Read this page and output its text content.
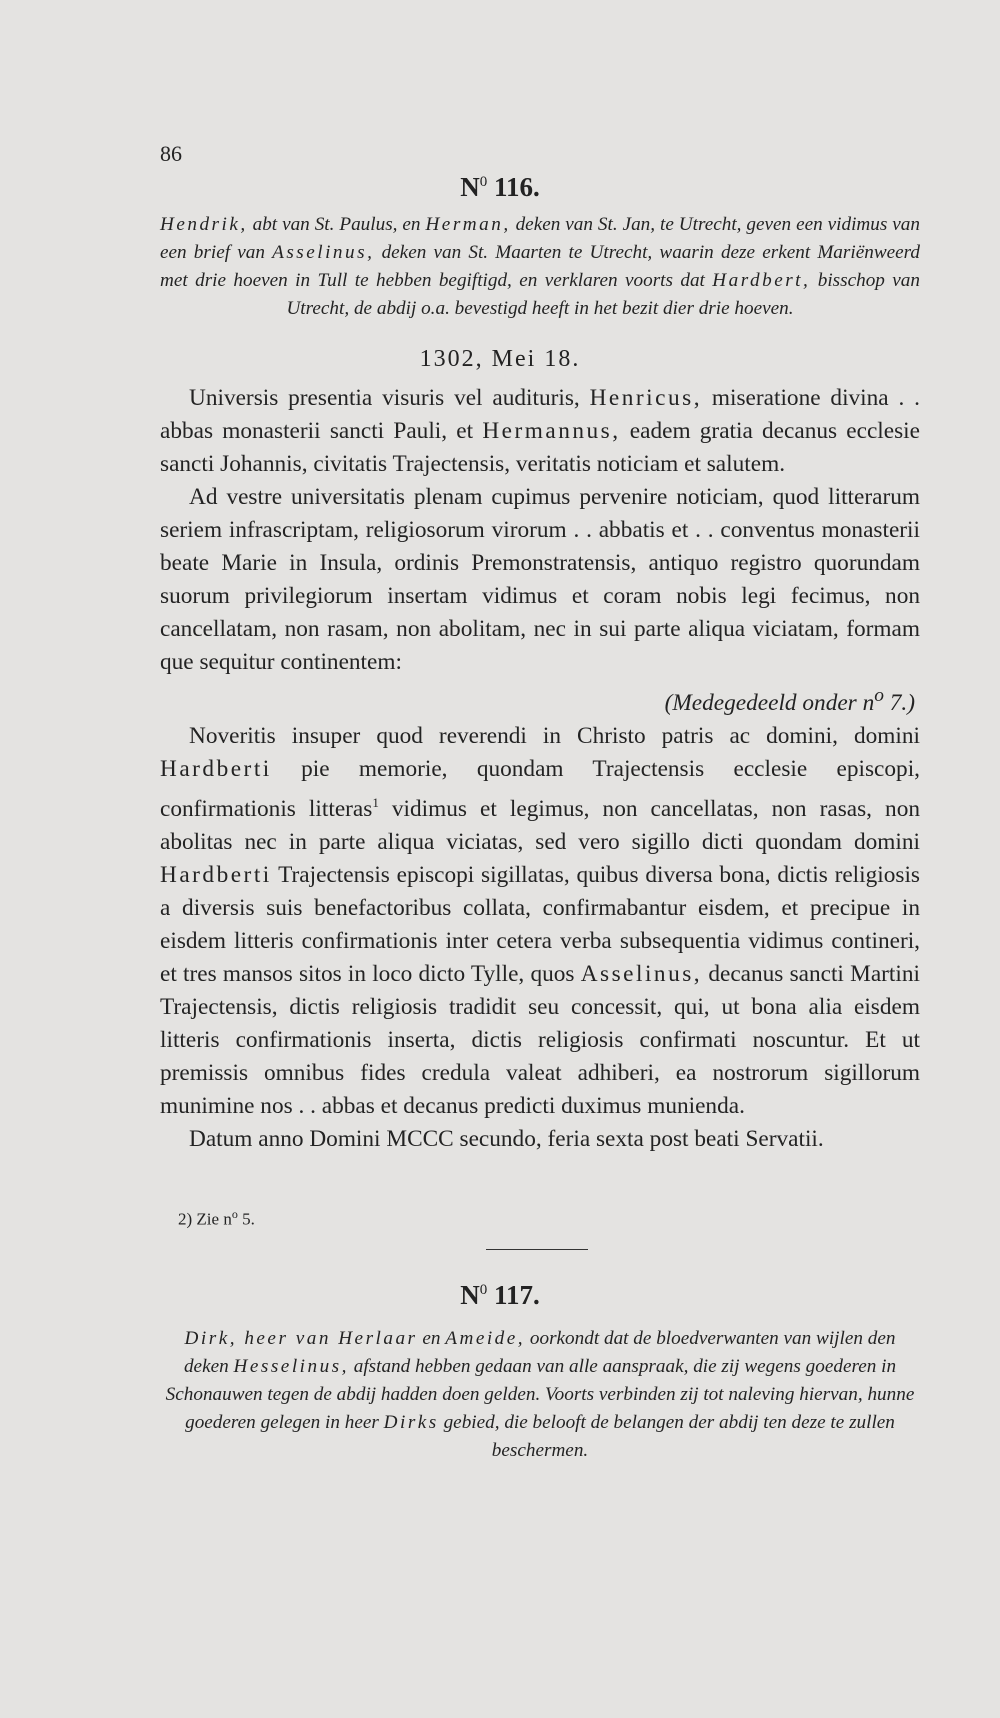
86
$N^0$ 116.
Hendrik, abt van St. Paulus, en Herman, deken van St. Jan, te Utrecht, geven een vidimus van een brief van Asselinus, deken van St. Maarten te Utrecht, waarin deze erkent Mariënweerd met drie hoeven in Tull te hebben begiftigd, en verklaren voorts dat Hardbert, bisschop van Utrecht, de abdij o.a. bevestigd heeft in het bezit dier drie hoeven.
1302, Mei 18.

Universis presentia visuris vel audituris, Henricus, miseratione divina . . abbas monasterii sancti Pauli, et Hermannus, eadem gratia decanus ecclesie sancti Johannis, civitatis Trajectensis, veritatis noticiam et salutem.

Ad vestre universitatis plenam cupimus pervenire noticiam, quod litterarum seriem infrascriptam, religiosorum virorum . . abbatis et . . conventus monasterii beate Marie in Insula, ordinis Premonstratensis, antiquo registro quorundam suorum privilegiorum insertam vidimus et coram nobis legi fecimus, non cancellatam, non rasam, non abolitam, nec in sui parte aliqua viciatam, formam que sequitur continentem:

(Medegedeeld onder $n^o$ 7.)

Noveritis insuper quod reverendi in Christo patris ac domini, domini Hardberti pie memorie, quondam Trajectensis ecclesie episcopi, confirmationis litteras$^1$ vidimus et legimus, non cancellatas, non rasas, non abolitas nec in parte aliqua viciatas, sed vero sigillo dicti quondam domini Hardberti Trajectensis episcopi sigillatas, quibus diversa bona, dictis religiosis a diversis suis benefactoribus collata, confirmabantur eisdem, et precipue in eisdem litteris confirmationis inter cetera verba subsequentia vidimus contineri, et tres mansos sitos in loco dicto Tylle, quos Asselinus, decanus sancti Martini Trajectensis, dictis religiosis tradidit seu concessit, qui, ut bona alia eisdem litteris confirmationis inserta, dictis religiosis confirmati noscuntur. Et ut premissis omnibus fides credula valeat adhiberi, ea nostrorum sigillorum munimine nos . . abbas et decanus predicti duximus munienda.

Datum anno Domini MCCC secundo, feria sexta post beati Servatii.

2) Zie $n^o$ 5.
$N^0$ 117.
Dirk, heer van Herlaar en Ameide, oorkondt dat de bloedverwanten van wijlen den deken Hesselinus, afstand hebben gedaan van alle aanspraak, die zij wegens goederen in Schonauwen tegen de abdij hadden doen gelden. Voorts verbinden zij tot naleving hiervan, hunne goederen gelegen in heer Dirks gebied, die belooft de belangen der abdij ten deze te zullen beschermen.
